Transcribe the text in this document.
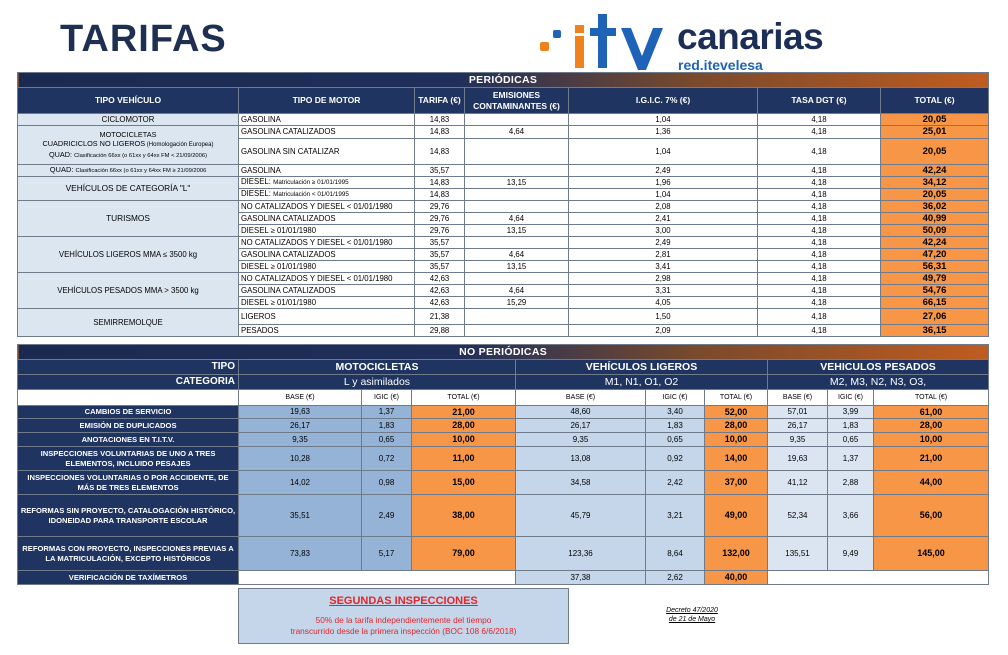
TARIFAS	canarias
red.itevelesa
PERIÓDICAS						
TIPO VEHÍCULO	TIPO DE MOTOR	TARIFA (€)	EMISIONES CONTAMINANTES (€)	I.G.I.C. 7% (€)	TASA DGT (€)	TOTAL (€)
CICLOMOTOR	GASOLINA	14,83		1,04	4,18	20,05

MOTOCICLETAS
CUADRICICLOS NO LIGEROS (Homologación Europea)
QUAD: Clasificación 66xx (o 61xx y 64xx FM < 21/09/2006)	GASOLINA CATALIZADOS	14,83	4,64	1,36	4,18	25,01
	GASOLINA SIN CATALIZAR	14,83		1,04	4,18	20,05
QUAD: Clasificación 66xx (o 61xx y 64xx FM ≥ 21/09/2006	GASOLINA	35,57		2,49	4,18	42,24
VEHÍCULOS DE CATEGORÍA "L"	DIESEL: Matriculación ≥ 01/01/1995	14,83	13,15	1,96	4,18	34,12
	DIESEL: Matriculación < 01/01/1995	14,83		1,04	4,18	20,05
TURISMOS	NO CATALIZADOS Y DIESEL < 01/01/1980	29,76		2,08	4,18	36,02
	GASOLINA CATALIZADOS	29,76	4,64	2,41	4,18	40,99
	DIESEL ≥ 01/01/1980	29,76	13,15	3,00	4,18	50,09
VEHÍCULOS LIGEROS MMA ≤ 3500 kg	NO CATALIZADOS Y DIESEL < 01/01/1980	35,57		2,49	4,18	42,24
	GASOLINA CATALIZADOS	35,57	4,64	2,81	4,18	47,20
	DIESEL ≥ 01/01/1980	35,57	13,15	3,41	4,18	56,31
VEHÍCULOS PESADOS MMA > 3500 kg	NO CATALIZADOS Y DIESEL < 01/01/1980	42,63		2,98	4,18	49,79
	GASOLINA CATALIZADOS	42,63	4,64	3,31	4,18	54,76
	DIESEL ≥ 01/01/1980	42,63	15,29	4,05	4,18	66,15
SEMIRREMOLQUE	LIGEROS	21,38		1,50	4,18	27,06
	PESADOS	29,88		2,09	4,18	36,15
NO PERIÓDICAS									
TIPO	MOTOCICLETAS			VEHÍCULOS LIGEROS			VEHICULOS PESADOS		
CATEGORIA	L y asimilados			M1, N1, O1, O2			M2, M3, N2, N3, O3,		
	BASE (€)	IGIC (€)	TOTAL (€)	BASE (€)	IGIC (€)	TOTAL (€)	BASE (€)	IGIC (€)	TOTAL (€)
CAMBIOS DE SERVICIO	19,63	1,37	21,00	48,60	3,40	52,00	57,01	3,99	61,00
EMISIÓN DE DUPLICADOS	26,17	1,83	28,00	26,17	1,83	28,00	26,17	1,83	28,00
ANOTACIONES EN T.I.T.V.	9,35	0,65	10,00	9,35	0,65	10,00	9,35	0,65	10,00
INSPECCIONES VOLUNTARIAS DE UNO A TRES ELEMENTOS, INCLUIDO PESAJES	10,28	0,72	11,00	13,08	0,92	14,00	19,63	1,37	21,00
INSPECCIONES VOLUNTARIAS O POR ACCIDENTE, DE MÁS DE TRES ELEMENTOS	14,02	0,98	15,00	34,58	2,42	37,00	41,12	2,88	44,00
REFORMAS SIN PROYECTO, CATALOGACIÓN HISTÓRICO, IDONEIDAD PARA TRANSPORTE ESCOLAR	35,51	2,49	38,00	45,79	3,21	49,00	52,34	3,66	56,00
REFORMAS CON PROYECTO, INSPECCIONES PREVIAS A LA MATRICULACIÓN, EXCEPTO HISTÓRICOS	73,83	5,17	79,00	123,36	8,64	132,00	135,51	9,49	145,00
VERIFICACIÓN DE TAXÍMETROS				37,38	2,62	40,00			
SEGUNDAS INSPECCIONES
50% de la tarifa independientemente del tiempo
transcurrido desde la primera inspección (BOC 108 6/6/2018)
Decreto 47/2020
de 21 de Mayo
